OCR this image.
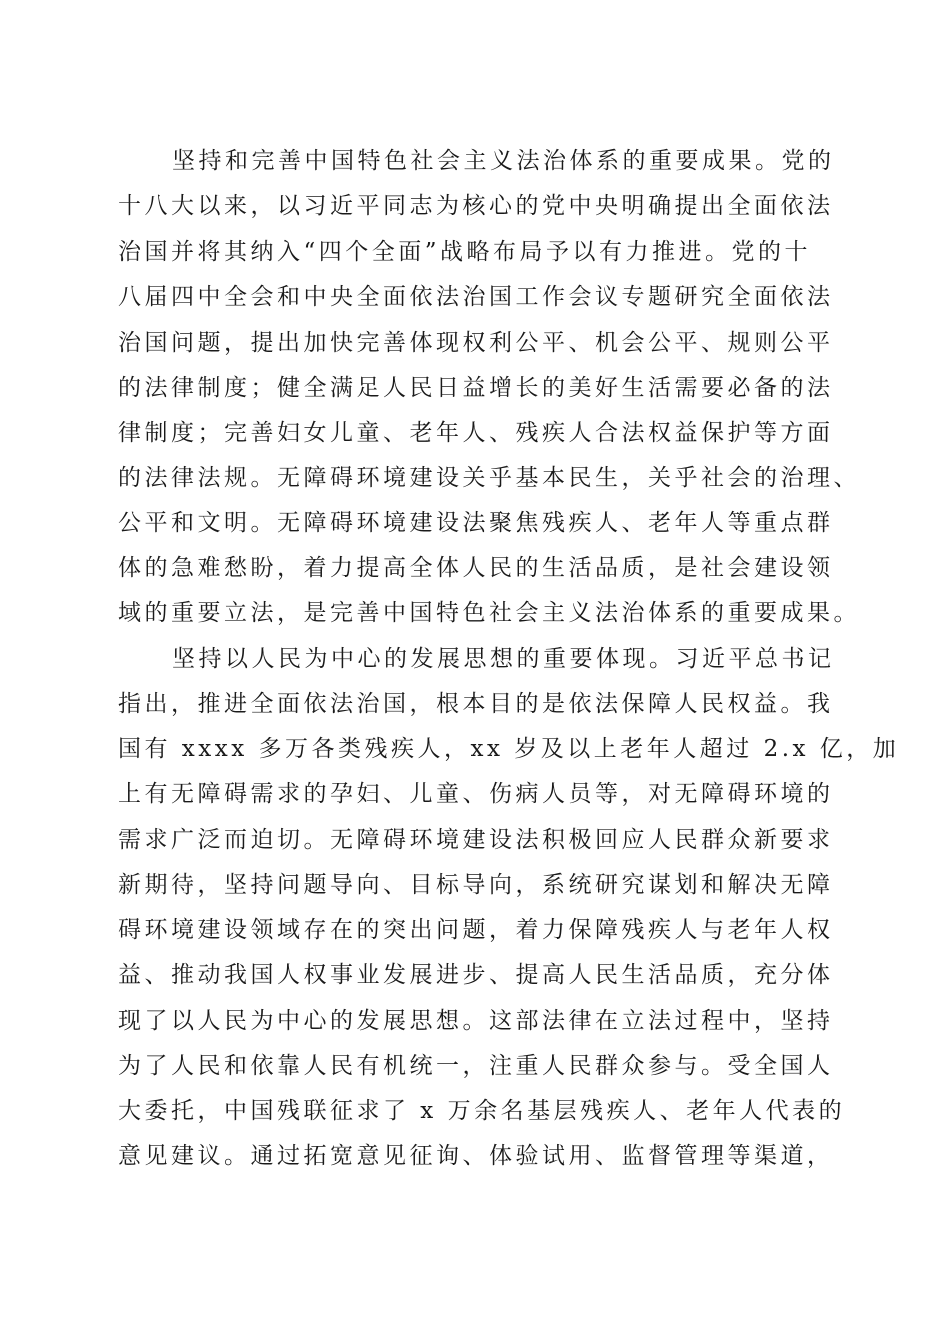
坚持和完善中国特色社会主义法治体系的重要成果。党的
十八大以来，以习近平同志为核心的党中央明确提出全面依法
治国并将其纳入“四个全面”战略布局予以有力推进。党的十
八届四中全会和中央全面依法治国工作会议专题研究全面依法
治国问题，提出加快完善体现权利公平、机会公平、规则公平
的法律制度；健全满足人民日益增长的美好生活需要必备的法
律制度；完善妇女儿童、老年人、残疾人合法权益保护等方面
的法律法规。无障碍环境建设关乎基本民生，关乎社会的治理、
公平和文明。无障碍环境建设法聚焦残疾人、老年人等重点群
体的急难愁盼，着力提高全体人民的生活品质，是社会建设领
域的重要立法，是完善中国特色社会主义法治体系的重要成果。
坚持以人民为中心的发展思想的重要体现。习近平总书记
指出，推进全面依法治国，根本目的是依法保障人民权益。我
国有 xxxx 多万各类残疾人，xx 岁及以上老年人超过 2.x 亿，加
上有无障碍需求的孕妇、儿童、伤病人员等，对无障碍环境的
需求广泛而迫切。无障碍环境建设法积极回应人民群众新要求
新期待，坚持问题导向、目标导向，系统研究谋划和解决无障
碍环境建设领域存在的突出问题，着力保障残疾人与老年人权
益、推动我国人权事业发展进步、提高人民生活品质，充分体
现了以人民为中心的发展思想。这部法律在立法过程中，坚持
为了人民和依靠人民有机统一，注重人民群众参与。受全国人
大委托，中国残联征求了 x 万余名基层残疾人、老年人代表的
意见建议。通过拓宽意见征询、体验试用、监督管理等渠道，
